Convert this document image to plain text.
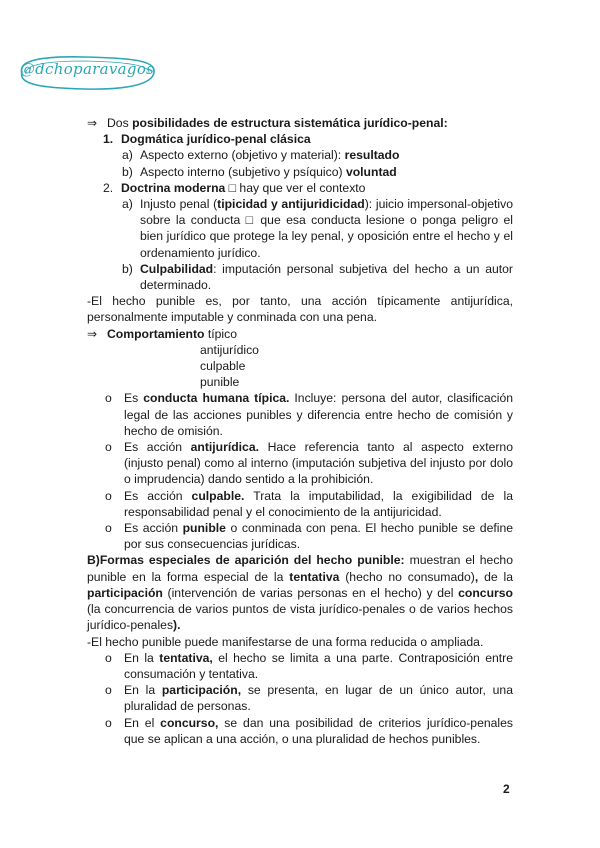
@dchoparavagos

⇒ Dos posibilidades de estructura sistemática jurídico-penal:

1. Dogmática jurídico-penal clásica
a) Aspecto externo (objetivo y material): resultado
b) Aspecto interno (subjetivo y psíquico) voluntad
2. Doctrina moderna □ hay que ver el contexto
a) Injusto penal (tipicidad y antijuridicidad): juicio impersonal-objetivo sobre la conducta □ que esa conducta lesione o ponga peligro el bien jurídico que protege la ley penal, y oposición entre el hecho y el ordenamiento jurídico.
b) Culpabilidad: imputación personal subjetiva del hecho a un autor determinado.

-El hecho punible es, por tanto, una acción típicamente antijurídica, personalmente imputable y conminada con una pena.

⇒ Comportamiento típico

antijurídico
culpable
punible
o	Es conducta humana típica. Incluye: persona del autor, clasificación legal de las acciones punibles y diferencia entre hecho de comisión y hecho de omisión.
o	Es acción antijurídica. Hace referencia tanto al aspecto externo (injusto penal) como al interno (imputación subjetiva del injusto por dolo o imprudencia) dando sentido a la prohibición.
o	Es acción culpable. Trata la imputabilidad, la exigibilidad de la responsabilidad penal y el conocimiento de la antijuricidad.
o	Es acción punible o conminada con pena. El hecho punible se define por sus consecuencias jurídicas.

B)Formas especiales de aparición del hecho punible: muestran el hecho punible en la forma especial de la tentativa (hecho no consumado), de la participación (intervención de varias personas en el hecho) y del concurso (la concurrencia de varios puntos de vista jurídico-penales o de varios hechos jurídico-penales).

-El hecho punible puede manifestarse de una forma reducida o ampliada.

o	En la tentativa, el hecho se limita a una parte. Contraposición entre consumación y tentativa.
o	En la participación, se presenta, en lugar de un único autor, una pluralidad de personas.
o	En el concurso, se dan una posibilidad de criterios jurídico-penales que se aplican a una acción, o una pluralidad de hechos punibles.
2
